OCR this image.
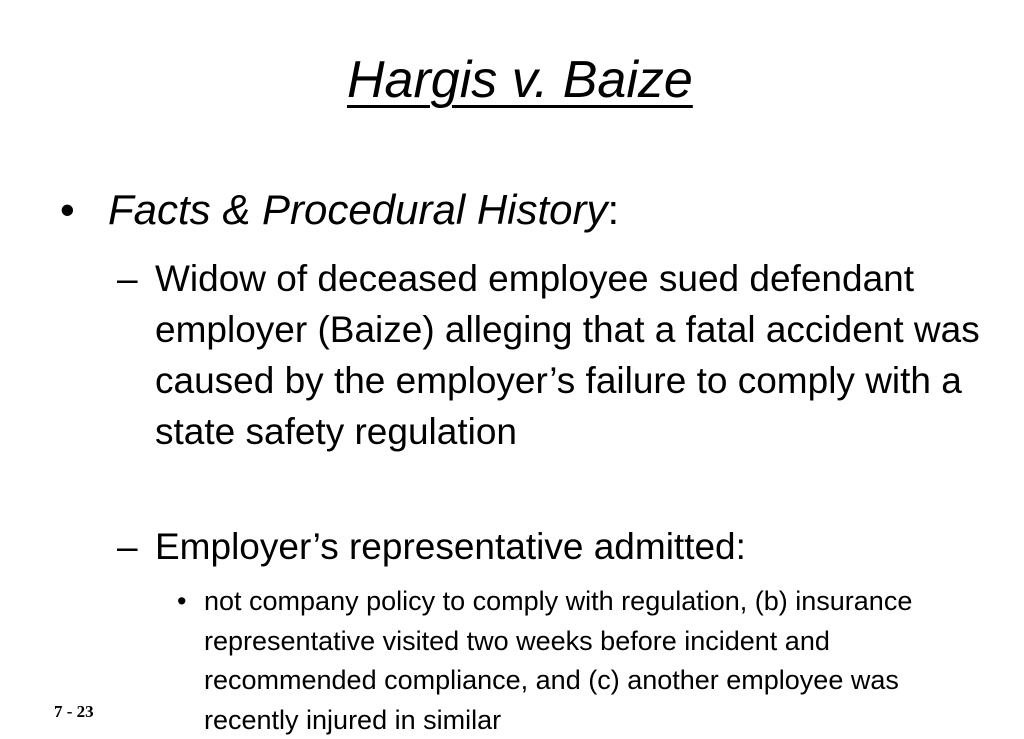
Hargis v. Baize
• Facts & Procedural History:
– Widow of deceased employee sued defendant employer (Baize) alleging that a fatal accident was caused by the employer’s failure to comply with a state safety regulation
– Employer’s representative admitted:
• not company policy to comply with regulation, (b) insurance representative visited two weeks before incident and recommended compliance, and (c) another employee was recently injured in similar
7 - 23
